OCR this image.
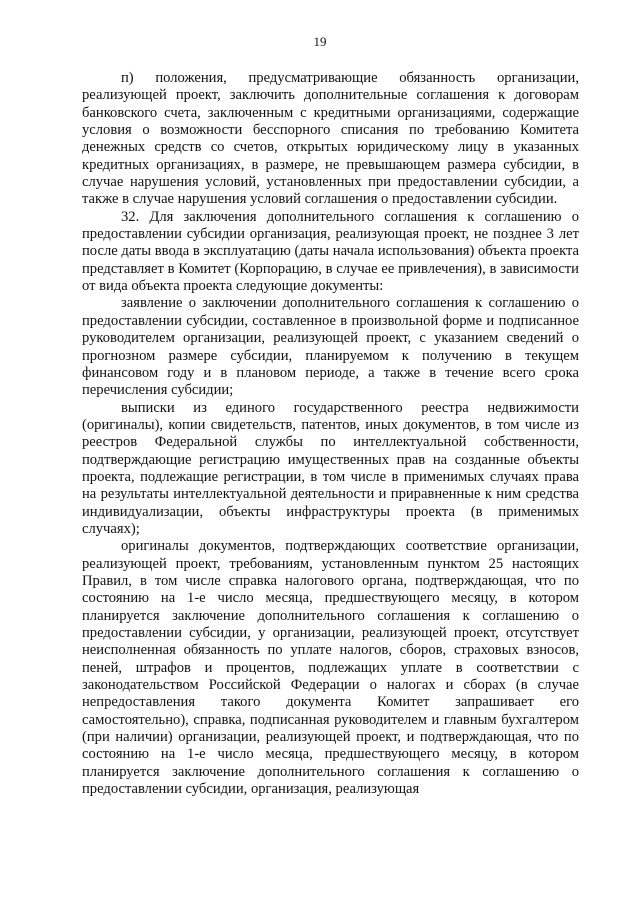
19

п) положения, предусматривающие обязанность организации, реализующей проект, заключить дополнительные соглашения к договорам банковского счета, заключенным с кредитными организациями, содержащие условия о возможности бесспорного списания по требованию Комитета денежных средств со счетов, открытых юридическому лицу в указанных кредитных организациях, в размере, не превышающем размера субсидии, в случае нарушения условий, установленных при предоставлении субсидии, а также в случае нарушения условий соглашения о предоставлении субсидии.

32. Для заключения дополнительного соглашения к соглашению о предоставлении субсидии организация, реализующая проект, не позднее 3 лет после даты ввода в эксплуатацию (даты начала использования) объекта проекта представляет в Комитет (Корпорацию, в случае ее привлечения), в зависимости от вида объекта проекта следующие документы:

заявление о заключении дополнительного соглашения к соглашению о предоставлении субсидии, составленное в произвольной форме и подписанное руководителем организации, реализующей проект, с указанием сведений о прогнозном размере субсидии, планируемом к получению в текущем финансовом году и в плановом периоде, а также в течение всего срока перечисления субсидии;

выписки из единого государственного реестра недвижимости (оригиналы), копии свидетельств, патентов, иных документов, в том числе из реестров Федеральной службы по интеллектуальной собственности, подтверждающие регистрацию имущественных прав на созданные объекты проекта, подлежащие регистрации, в том числе в применимых случаях права на результаты интеллектуальной деятельности и приравненные к ним средства индивидуализации, объекты инфраструктуры проекта (в применимых случаях);

оригиналы документов, подтверждающих соответствие организации, реализующей проект, требованиям, установленным пунктом 25 настоящих Правил, в том числе справка налогового органа, подтверждающая, что по состоянию на 1-е число месяца, предшествующего месяцу, в котором планируется заключение дополнительного соглашения к соглашению о предоставлении субсидии, у организации, реализующей проект, отсутствует неисполненная обязанность по уплате налогов, сборов, страховых взносов, пеней, штрафов и процентов, подлежащих уплате в соответствии с законодательством Российской Федерации о налогах и сборах (в случае непредоставления такого документа Комитет запрашивает его самостоятельно), справка, подписанная руководителем и главным бухгалтером (при наличии) организации, реализующей проект, и подтверждающая, что по состоянию на 1-е число месяца, предшествующего месяцу, в котором планируется заключение дополнительного соглашения к соглашению о предоставлении субсидии, организация, реализующая
